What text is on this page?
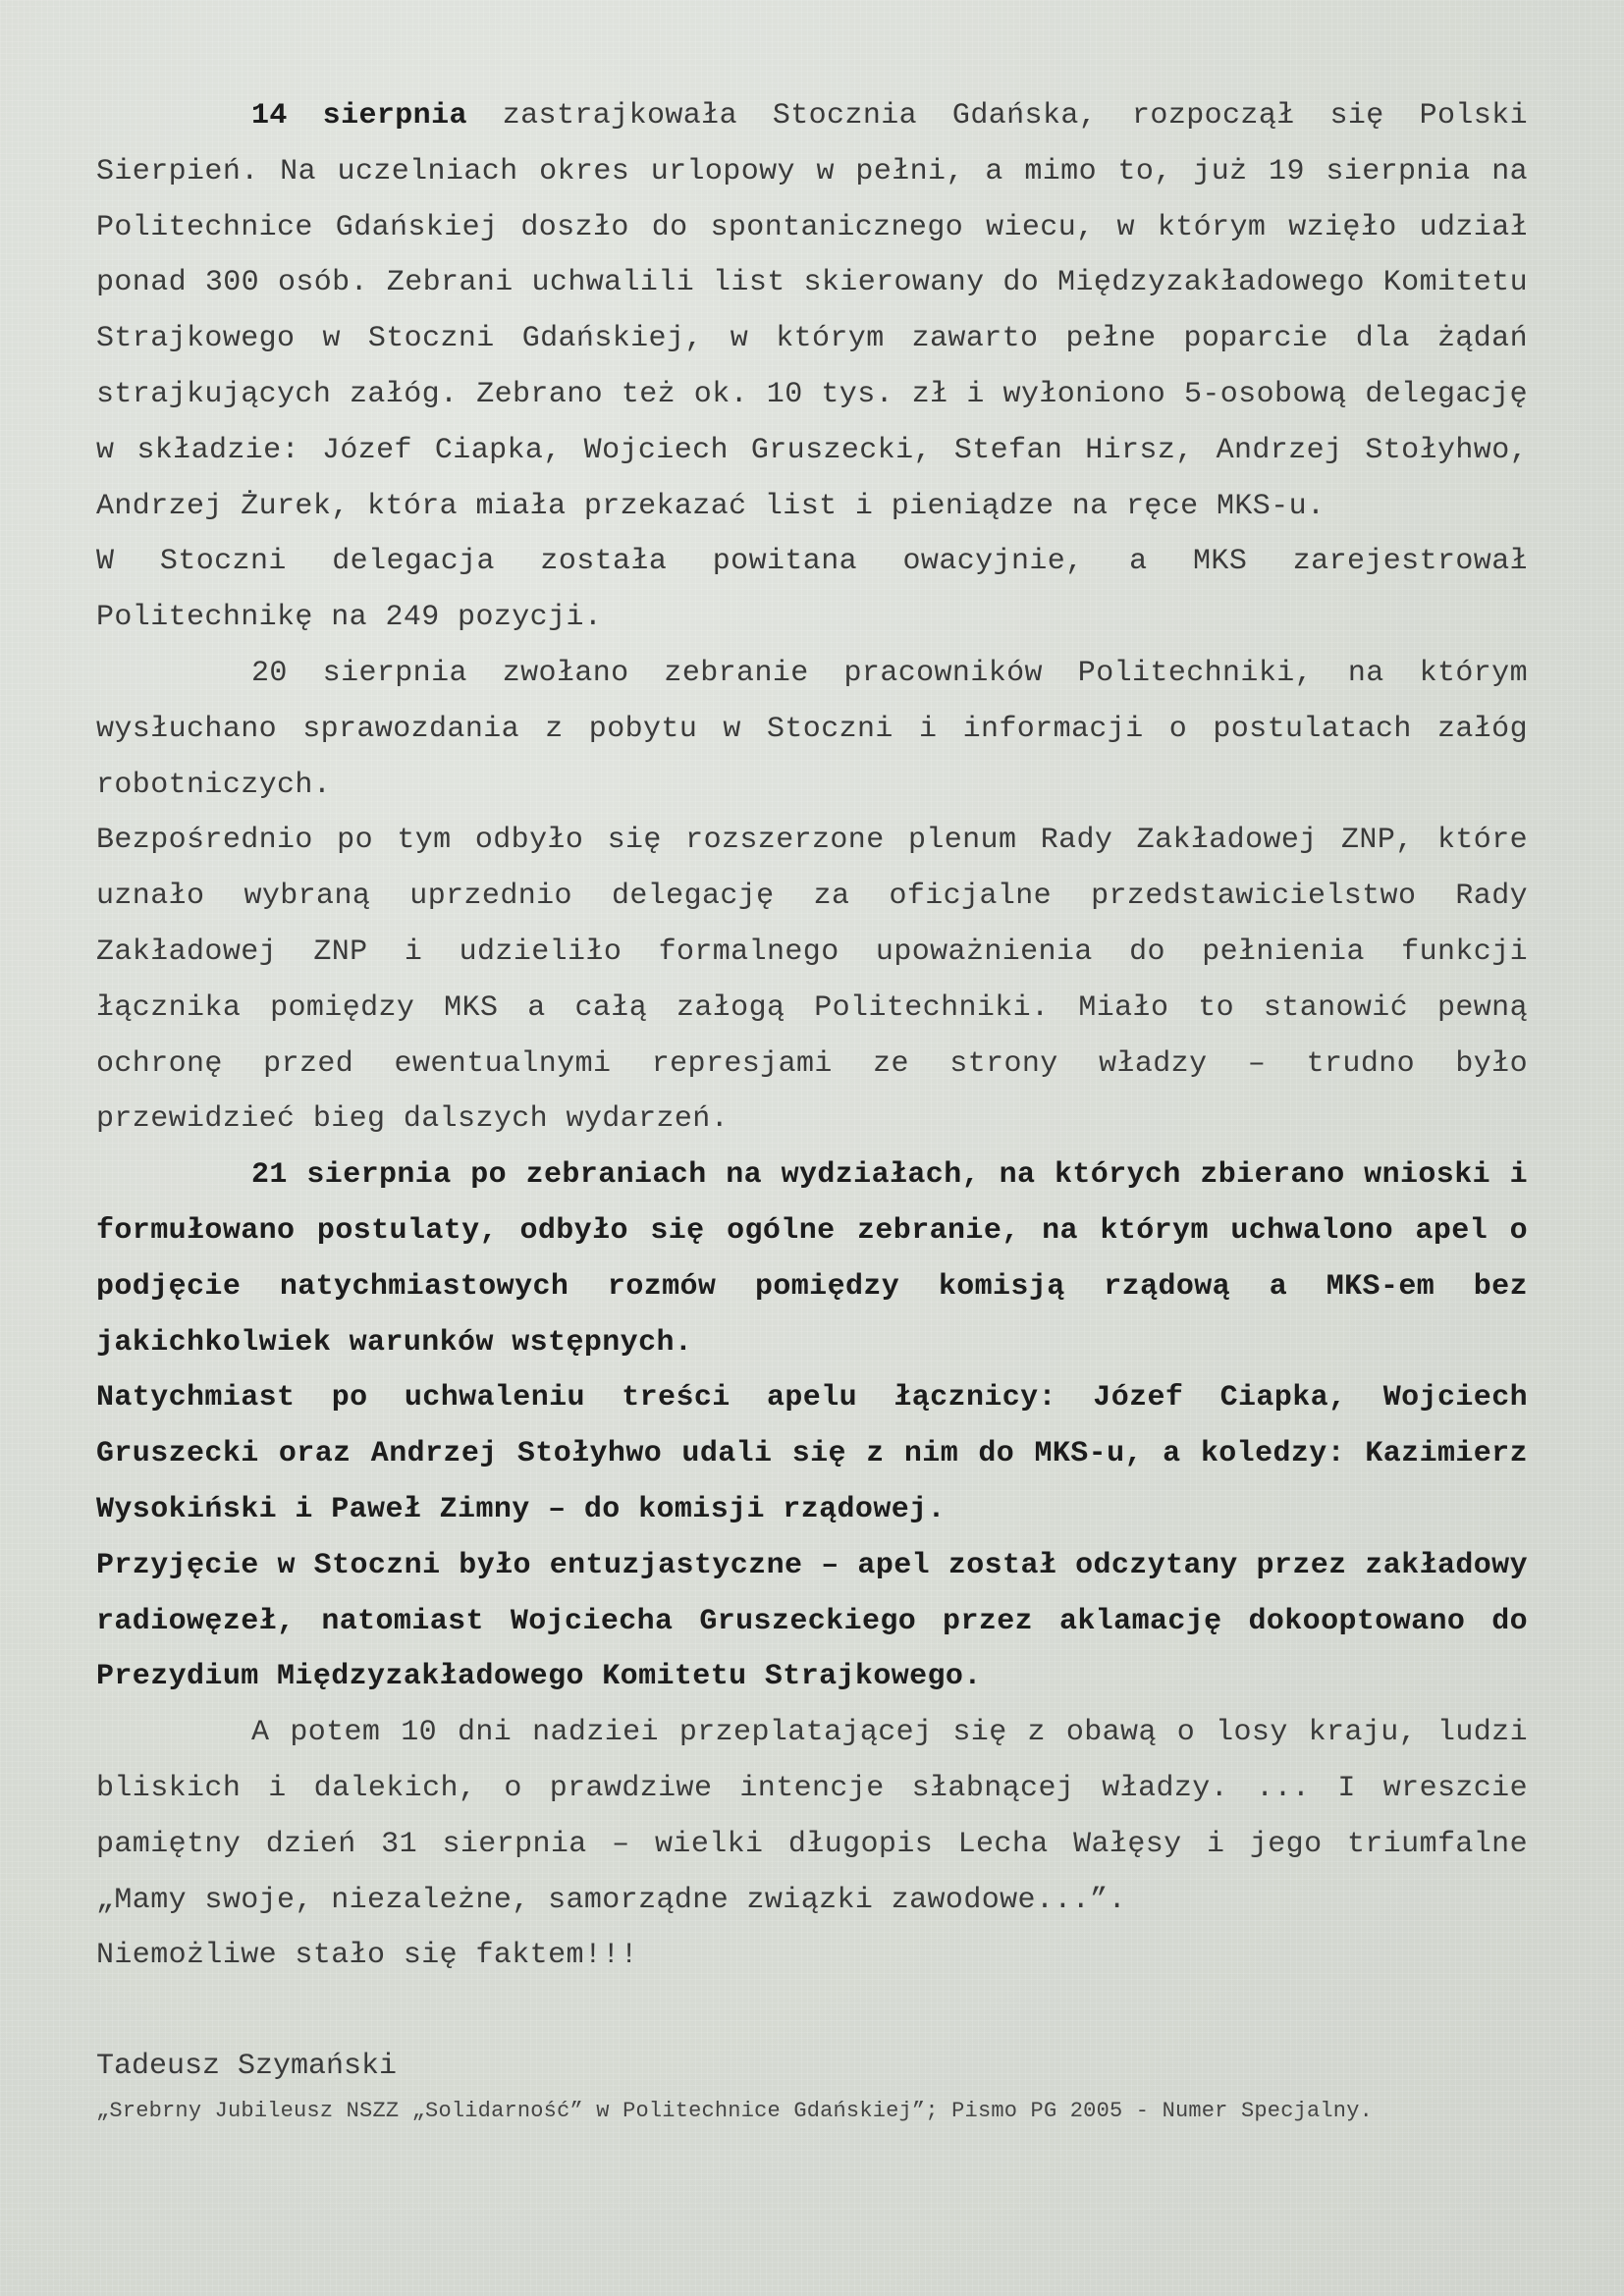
14 sierpnia zastrajkowała Stocznia Gdańska, rozpoczął się Polski Sierpień. Na uczelniach okres urlopowy w pełni, a mimo to, już 19 sierpnia na Politechnice Gdańskiej doszło do spontanicznego wiecu, w którym wzięło udział ponad 300 osób. Zebrani uchwalili list skierowany do Międzyzakładowego Komitetu Strajkowego w Stoczni Gdańskiej, w którym zawarto pełne poparcie dla żądań strajkujących załóg. Zebrano też ok. 10 tys. zł i wyłoniono 5-osobową delegację w składzie: Józef Ciapka, Wojciech Gruszecki, Stefan Hirsz, Andrzej Stołyhwo, Andrzej Żurek, która miała przekazać list i pieniądze na ręce MKS-u.

W Stoczni delegacja została powitana owacyjnie, a MKS zarejestrował Politechnikę na 249 pozycji.

20 sierpnia zwołano zebranie pracowników Politechniki, na którym wysłuchano sprawozdania z pobytu w Stoczni i informacji o postulatach załóg robotniczych.

Bezpośrednio po tym odbyło się rozszerzone plenum Rady Zakładowej ZNP, które uznało wybraną uprzednio delegację za oficjalne przedstawicielstwo Rady Zakładowej ZNP i udzieliło formalnego upoważnienia do pełnienia funkcji łącznika pomiędzy MKS a całą załogą Politechniki. Miało to stanowić pewną ochronę przed ewentualnymi represjami ze strony władzy – trudno było przewidzieć bieg dalszych wydarzeń.

21 sierpnia po zebraniach na wydziałach, na których zbierano wnioski i formułowano postulaty, odbyło się ogólne zebranie, na którym uchwalono apel o podjęcie natychmiastowych rozmów pomiędzy komisją rządową a MKS-em bez jakichkolwiek warunków wstępnych.

Natychmiast po uchwaleniu treści apelu łącznicy: Józef Ciapka, Wojciech Gruszecki oraz Andrzej Stołyhwo udali się z nim do MKS-u, a koledzy: Kazimierz Wysokiński i Paweł Zimny – do komisji rządowej.

Przyjęcie w Stoczni było entuzjastyczne – apel został odczytany przez zakładowy radiowęzeł, natomiast Wojciecha Gruszeckiego przez aklamację dokooptowano do Prezydium Międzyzakładowego Komitetu Strajkowego.

A potem 10 dni nadziei przeplatającej się z obawą o losy kraju, ludzi bliskich i dalekich, o prawdziwe intencje słabnącej władzy. ... I wreszcie pamiętny dzień 31 sierpnia – wielki długopis Lecha Wałęsy i jego triumfalne „Mamy swoje, niezależne, samorządne związki zawodowe...”.

Niemożliwe stało się faktem!!!

Tadeusz Szymański

„Srebrny Jubileusz NSZZ „Solidarność” w Politechnice Gdańskiej”; Pismo PG 2005 - Numer Specjalny.
